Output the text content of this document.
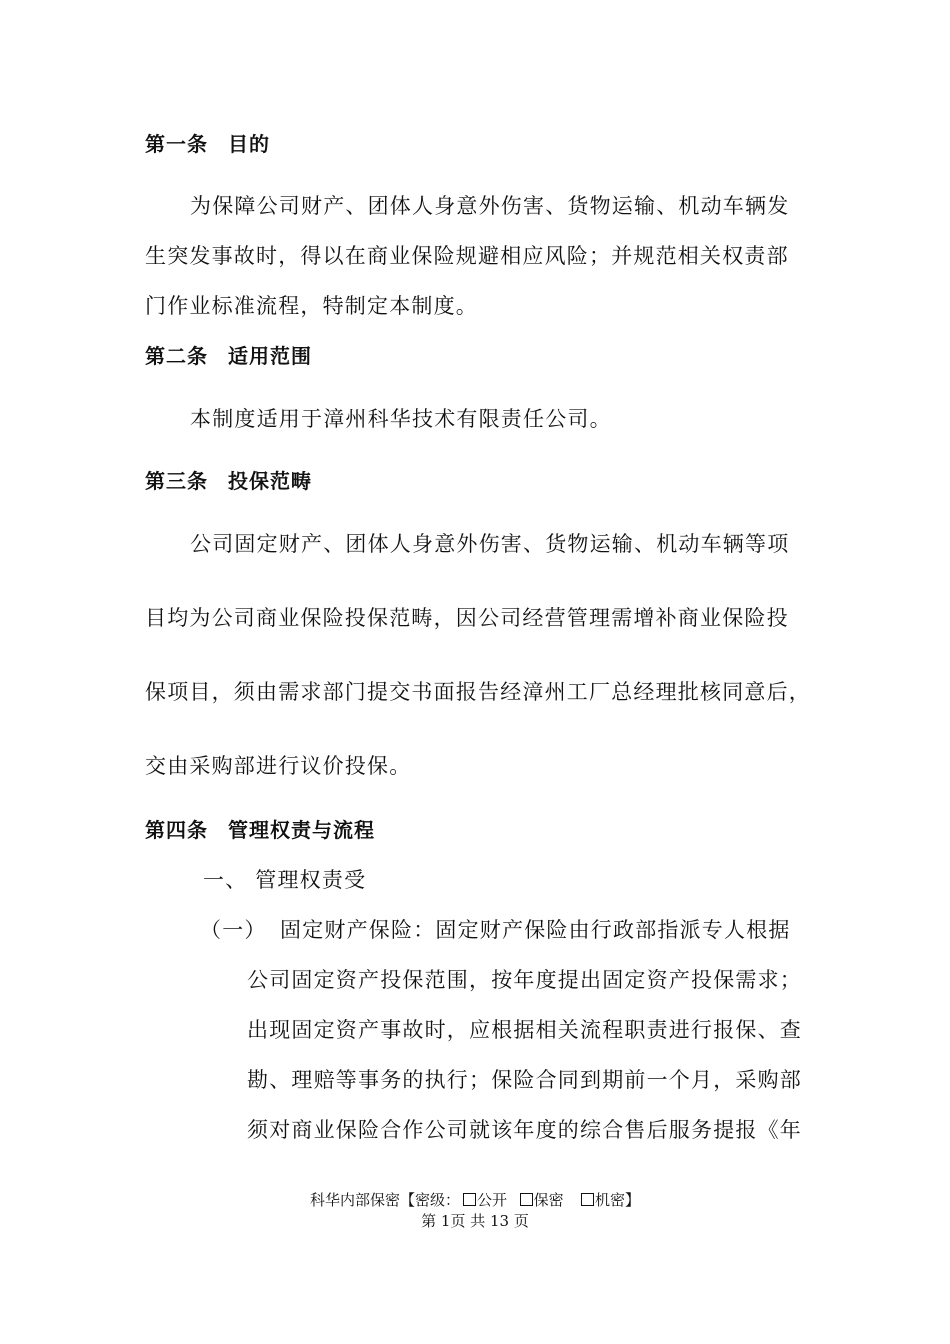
第一条 目的
为保障公司财产、团体人身意外伤害、货物运输、机动车辆发
生突发事故时，得以在商业保险规避相应风险；并规范相关权责部
门作业标准流程，特制定本制度。
第二条 适用范围
本制度适用于漳州科华技术有限责任公司。
第三条 投保范畴
公司固定财产、团体人身意外伤害、货物运输、机动车辆等项
目均为公司商业保险投保范畴，因公司经营管理需增补商业保险投
保项目，须由需求部门提交书面报告经漳州工厂总经理批核同意后，
交由采购部进行议价投保。
第四条 管理权责与流程
一、 管理权责受
（一） 固定财产保险：固定财产保险由行政部指派专人根据
公司固定资产投保范围，按年度提出固定资产投保需求；
出现固定资产事故时，应根据相关流程职责进行报保、查
勘、理赔等事务的执行；保险合同到期前一个月，采购部
须对商业保险合作公司就该年度的综合售后服务提报《年
科华内部保密【密级： 公开 保密 机密】
第 1页 共 13 页
